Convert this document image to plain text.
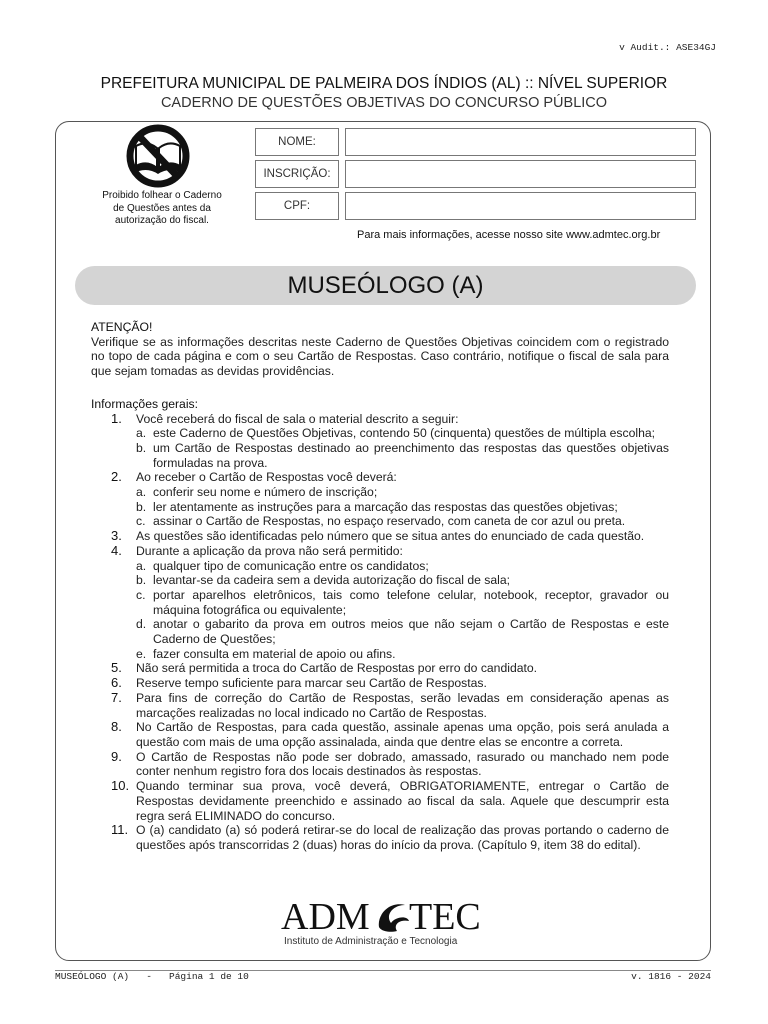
v Audit.: ASE34GJ
PREFEITURA MUNICIPAL DE PALMEIRA DOS ÍNDIOS (AL) :: NÍVEL SUPERIOR
CADERNO DE QUESTÕES OBJETIVAS DO CONCURSO PÚBLICO
Proibido folhear o Caderno
de Questões antes da
autorização do fiscal.
NOME:
INSCRIÇÃO:
CPF:
Para mais informações, acesse nosso site www.admtec.org.br
MUSEÓLOGO (A)

ATENÇÃO!

Verifique se as informações descritas neste Caderno de Questões Objetivas coincidem com o registrado no topo de cada página e com o seu Cartão de Respostas. Caso contrário, notifique o fiscal de sala para que sejam tomadas as devidas providências.

Informações gerais:

1. Você receberá do fiscal de sala o material descrito a seguir:
a. este Caderno de Questões Objetivas, contendo 50 (cinquenta) questões de múltipla escolha;
b. um Cartão de Respostas destinado ao preenchimento das respostas das questões objetivas formuladas na prova.
2. Ao receber o Cartão de Respostas você deverá:
a. conferir seu nome e número de inscrição;
b. ler atentamente as instruções para a marcação das respostas das questões objetivas;
c. assinar o Cartão de Respostas, no espaço reservado, com caneta de cor azul ou preta.
3. As questões são identificadas pelo número que se situa antes do enunciado de cada questão.
4. Durante a aplicação da prova não será permitido:
a. qualquer tipo de comunicação entre os candidatos;
b. levantar-se da cadeira sem a devida autorização do fiscal de sala;
c. portar aparelhos eletrônicos, tais como telefone celular, notebook, receptor, gravador ou máquina fotográfica ou equivalente;
d. anotar o gabarito da prova em outros meios que não sejam o Cartão de Respostas e este Caderno de Questões;
e. fazer consulta em material de apoio ou afins.
5. Não será permitida a troca do Cartão de Respostas por erro do candidato.
6. Reserve tempo suficiente para marcar seu Cartão de Respostas.
7. Para fins de correção do Cartão de Respostas, serão levadas em consideração apenas as marcações realizadas no local indicado no Cartão de Respostas.
8. No Cartão de Respostas, para cada questão, assinale apenas uma opção, pois será anulada a questão com mais de uma opção assinalada, ainda que dentre elas se encontre a correta.
9. O Cartão de Respostas não pode ser dobrado, amassado, rasurado ou manchado nem pode conter nenhum registro fora dos locais destinados às respostas.
10. Quando terminar sua prova, você deverá, OBRIGATORIAMENTE, entregar o Cartão de Respostas devidamente preenchido e assinado ao fiscal da sala. Aquele que descumprir esta regra será ELIMINADO do concurso.
11. O (a) candidato (a) só poderá retirar-se do local de realização das provas portando o caderno de questões após transcorridas 2 (duas) horas do início da prova. (Capítulo 9, item 38 do edital).
ADM TEC
Instituto de Administração e Tecnologia
MUSEÓLOGO (A)   -   Página 1 de 10	v. 1816 - 2024
